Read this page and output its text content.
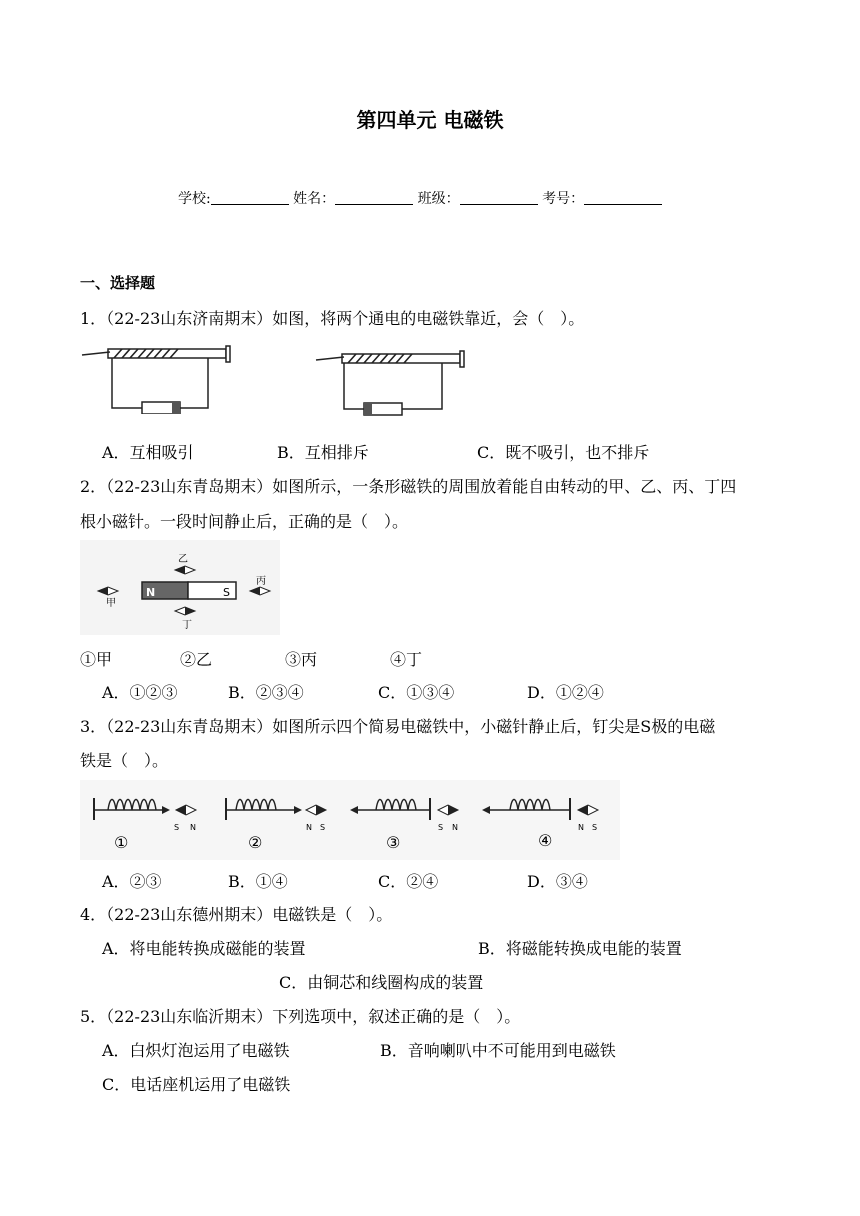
第四单元 电磁铁
学校:	姓名：	班级：	考号：
一、选择题
1．（22-23山东济南期末）如图，将两个通电的电磁铁靠近，会（　）。
A．互相吸引	B．互相排斥	C．既不吸引，也不排斥
2．（22-23山东青岛期末）如图所示，一条形磁铁的周围放着能自由转动的甲、乙、丙、丁四
根小磁针。一段时间静止后，正确的是（　）。
N	S
乙
甲
丙
丁
①甲	②乙	③丙	④丁
A．①②③	B．②③④	C．①③④	D．①②④
3．（22-23山东青岛期末）如图所示四个简易电磁铁中，小磁针静止后，钉尖是S极的电磁
铁是（　）。
S N
①
N S
②
S N
③
N S
④
A．②③	B．①④	C．②④	D．③④
4．（22-23山东德州期末）电磁铁是（　）。
A．将电能转换成磁能的装置	B．将磁能转换成电能的装置
C．由铜芯和线圈构成的装置
5．（22-23山东临沂期末）下列选项中，叙述正确的是（　）。
A．白炽灯泡运用了电磁铁	B．音响喇叭中不可能用到电磁铁
C．电话座机运用了电磁铁
